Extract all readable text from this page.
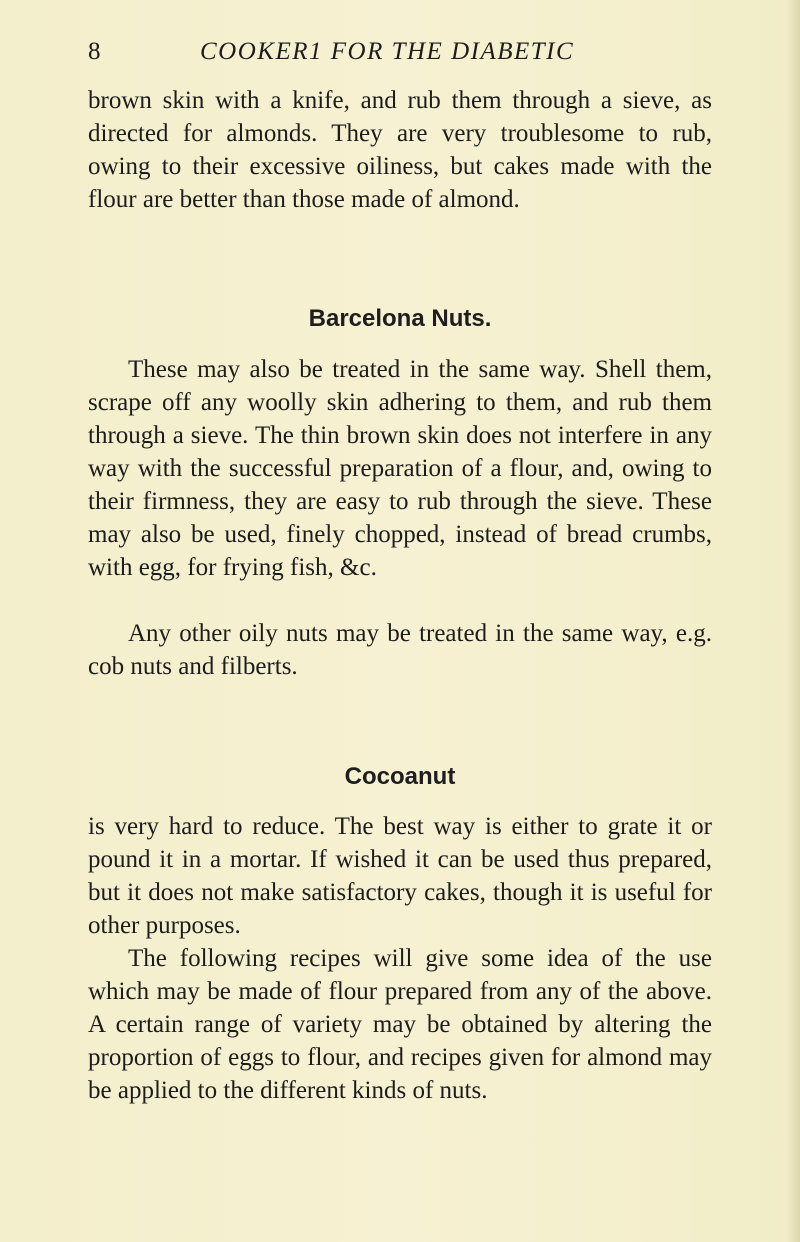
8	COOKER1 FOR THE DIABETIC

brown skin with a knife, and rub them through a sieve, as directed for almonds. They are very troublesome to rub, owing to their excessive oiliness, but cakes made with the flour are better than those made of almond.

Barcelona Nuts.

These may also be treated in the same way. Shell them, scrape off any woolly skin adhering to them, and rub them through a sieve. The thin brown skin does not interfere in any way with the successful preparation of a flour, and, owing to their firmness, they are easy to rub through the sieve. These may also be used, finely chopped, instead of bread crumbs, with egg, for frying fish, &c.

Any other oily nuts may be treated in the same way, e.g. cob nuts and filberts.

Cocoanut

is very hard to reduce. The best way is either to grate it or pound it in a mortar. If wished it can be used thus prepared, but it does not make satisfactory cakes, though it is useful for other purposes.

The following recipes will give some idea of the use which may be made of flour prepared from any of the above. A certain range of variety may be obtained by altering the proportion of eggs to flour, and recipes given for almond may be applied to the different kinds of nuts.
